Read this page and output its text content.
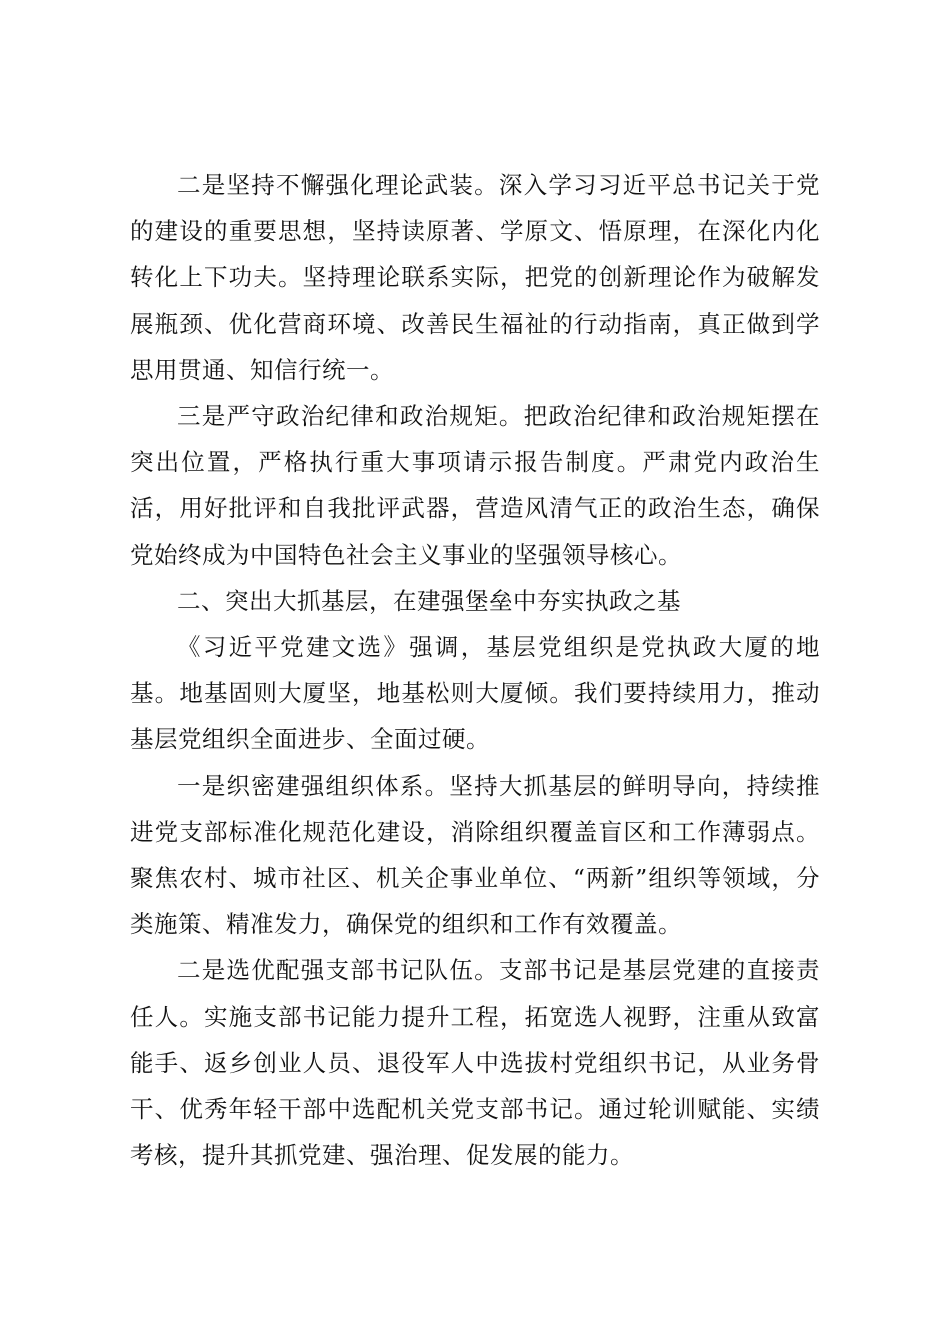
二是坚持不懈强化理论武装。深入学习习近平总书记关于党的建设的重要思想，坚持读原著、学原文、悟原理，在深化内化转化上下功夫。坚持理论联系实际，把党的创新理论作为破解发展瓶颈、优化营商环境、改善民生福祉的行动指南，真正做到学思用贯通、知信行统一。

三是严守政治纪律和政治规矩。把政治纪律和政治规矩摆在突出位置，严格执行重大事项请示报告制度。严肃党内政治生活，用好批评和自我批评武器，营造风清气正的政治生态，确保党始终成为中国特色社会主义事业的坚强领导核心。

二、突出大抓基层，在建强堡垒中夯实执政之基

《习近平党建文选》强调，基层党组织是党执政大厦的地基。地基固则大厦坚，地基松则大厦倾。我们要持续用力，推动基层党组织全面进步、全面过硬。

一是织密建强组织体系。坚持大抓基层的鲜明导向，持续推进党支部标准化规范化建设，消除组织覆盖盲区和工作薄弱点。聚焦农村、城市社区、机关企事业单位、“两新”组织等领域，分类施策、精准发力，确保党的组织和工作有效覆盖。

二是选优配强支部书记队伍。支部书记是基层党建的直接责任人。实施支部书记能力提升工程，拓宽选人视野，注重从致富能手、返乡创业人员、退役军人中选拔村党组织书记，从业务骨干、优秀年轻干部中选配机关党支部书记。通过轮训赋能、实绩考核，提升其抓党建、强治理、促发展的能力。
